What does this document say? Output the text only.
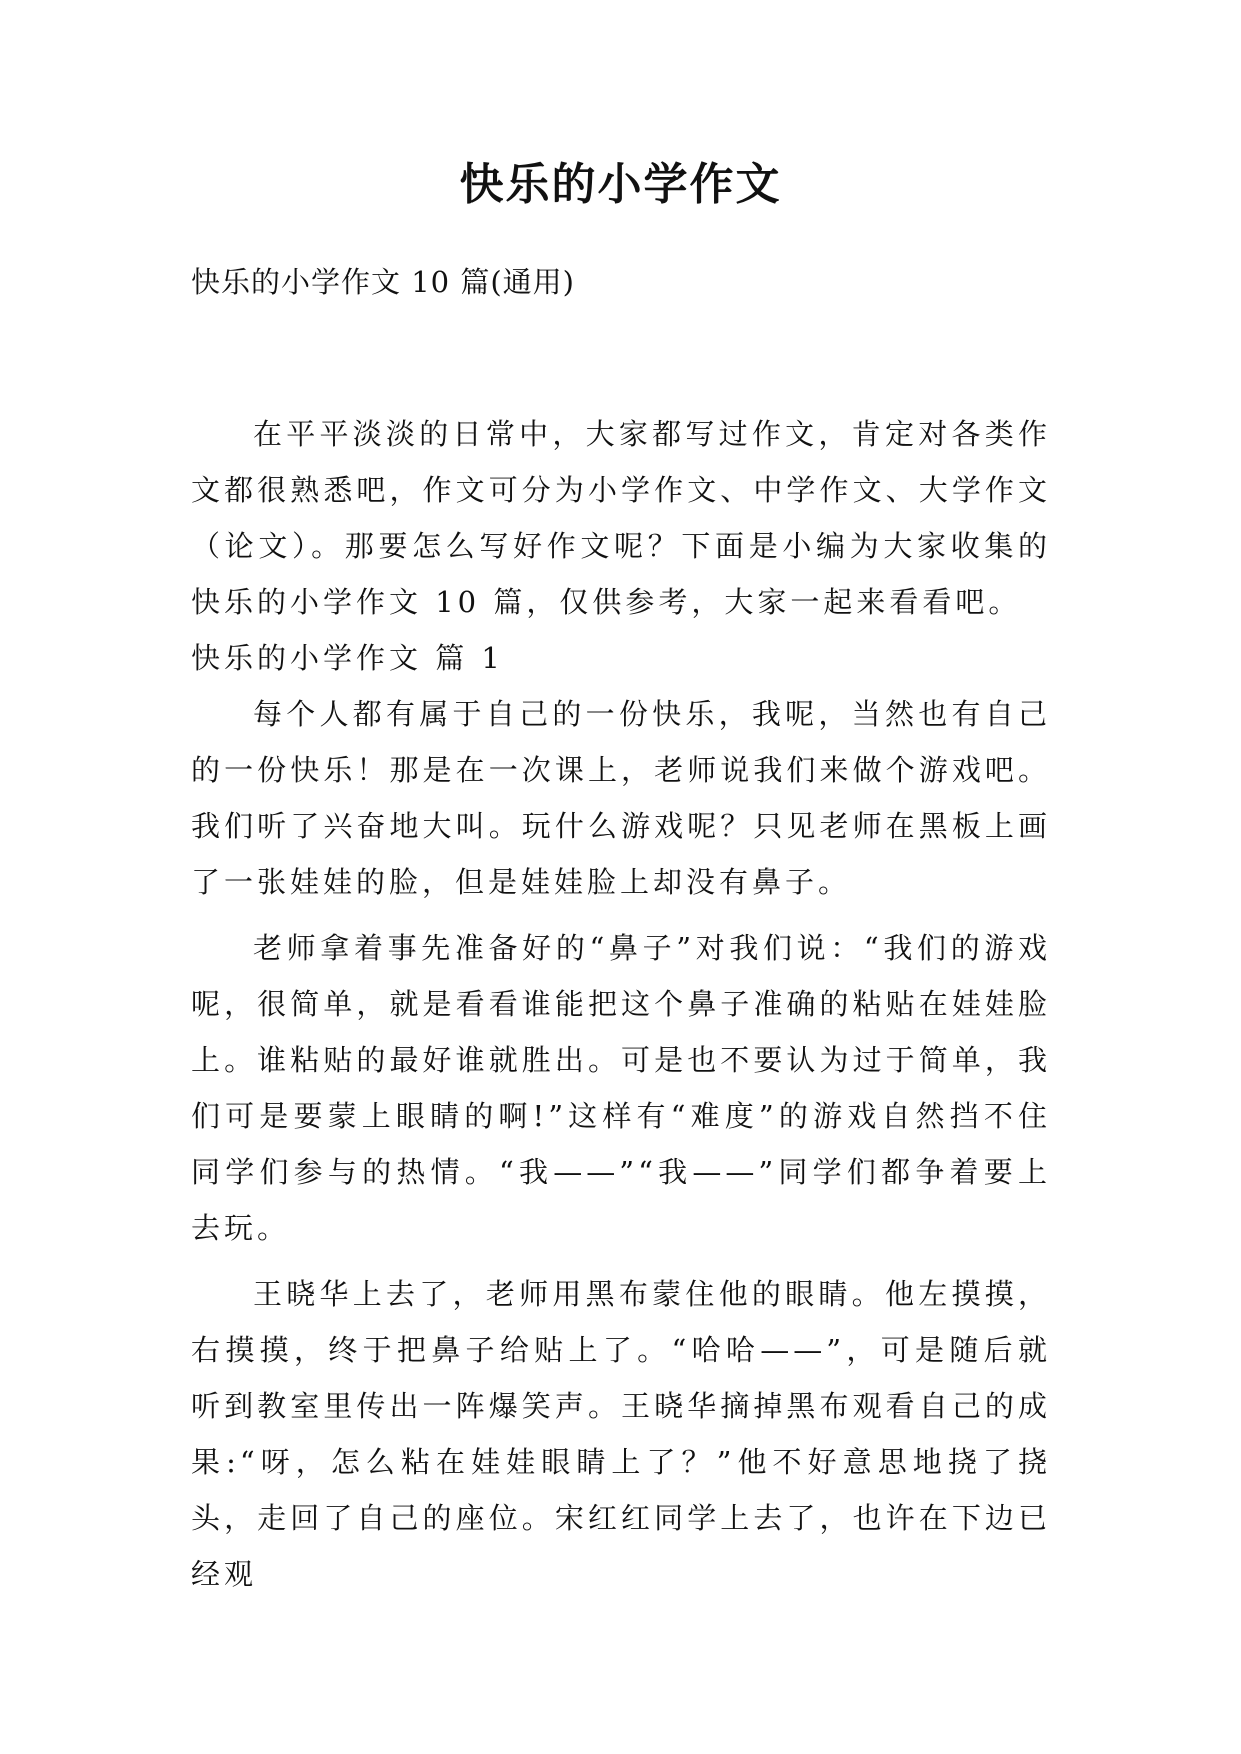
快乐的小学作文
快乐的小学作文 10 篇(通用)

在平平淡淡的日常中，大家都写过作文，肯定对各类作文都很熟悉吧，作文可分为小学作文、中学作文、大学作文（论文）。那要怎么写好作文呢？下面是小编为大家收集的快乐的小学作文 10 篇，仅供参考，大家一起来看看吧。

快乐的小学作文 篇 1

每个人都有属于自己的一份快乐，我呢，当然也有自己的一份快乐！那是在一次课上，老师说我们来做个游戏吧。我们听了兴奋地大叫。玩什么游戏呢？只见老师在黑板上画了一张娃娃的脸，但是娃娃脸上却没有鼻子。

老师拿着事先准备好的“鼻子”对我们说：“我们的游戏呢，很简单，就是看看谁能把这个鼻子准确的粘贴在娃娃脸上。谁粘贴的最好谁就胜出。可是也不要认为过于简单，我们可是要蒙上眼睛的啊!”这样有“难度”的游戏自然挡不住同学们参与的热情。“我——”“我——”同学们都争着要上去玩。

王晓华上去了，老师用黑布蒙住他的眼睛。他左摸摸，右摸摸，终于把鼻子给贴上了。“哈哈——”，可是随后就听到教室里传出一阵爆笑声。王晓华摘掉黑布观看自己的成果:“呀，怎么粘在娃娃眼睛上了？”他不好意思地挠了挠头，走回了自己的座位。宋红红同学上去了，也许在下边已经观
